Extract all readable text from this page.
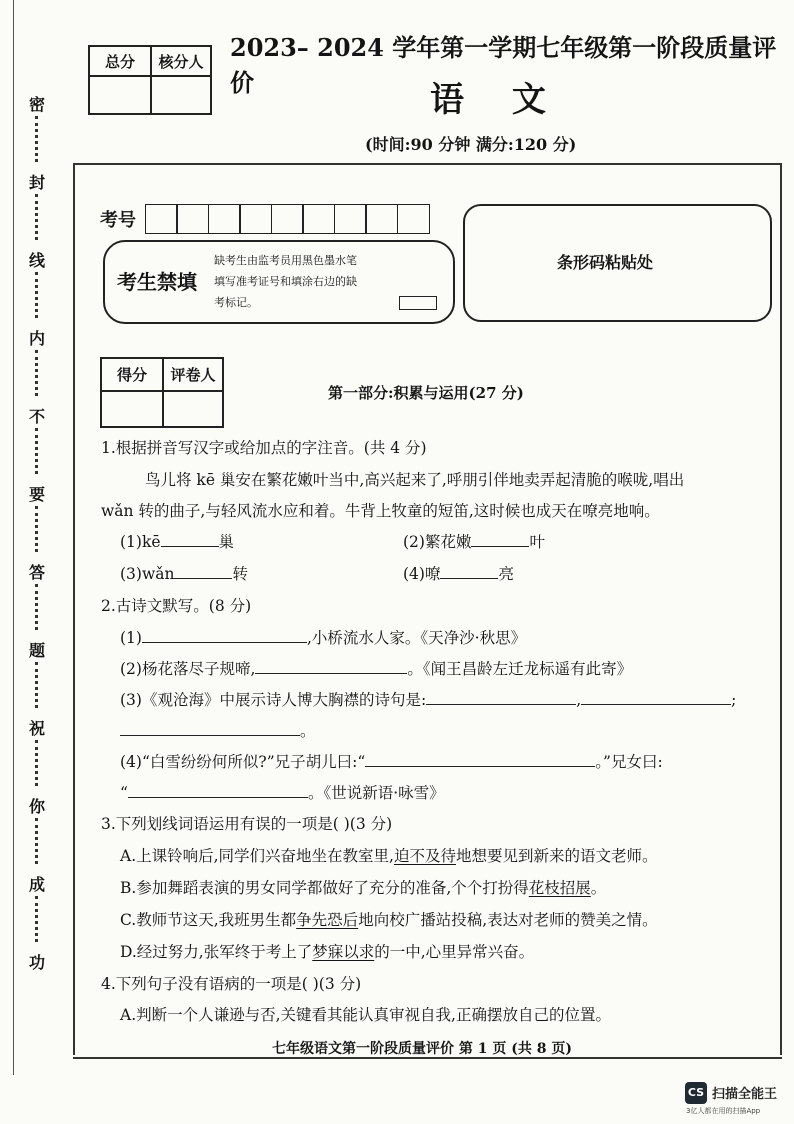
密
封
线
内
不
要
答
题
祝
你
成
功
总分	核分人
	2023– 2024 学年第一学期七年级第一阶段质量评价	语 文
(时间:90 分钟 满分:120 分)
考号
考生禁填
缺考生由监考员用黑色墨水笔
填写准考证号和填涂右边的缺
考标记。
条形码粘贴处
得分	评卷人

第一部分:积累与运用(27 分)
1.根据拼音写汉字或给加点的字注音。(共 4 分)
鸟儿将 kē 巢安在繁花嫩叶当中,高兴起来了,呼朋引伴地卖弄起清脆的喉咙,唱出
wǎn 转的曲子,与轻风流水应和着。牛背上牧童的短笛,这时候也成天在嘹亮地响。
(1)kē	巢	(2)繁花嫩	叶
(3)wǎn	转	(4)嘹	亮
2.古诗文默写。(8 分)
(1)	,小桥流水人家。《天净沙·秋思》
(2)杨花落尽子规啼,	。《闻王昌龄左迁龙标遥有此寄》
(3)《观沧海》中展示诗人博大胸襟的诗句是:	,	;
。
(4)“白雪纷纷何所似?”兄子胡儿曰:“	。”兄女曰:
“	。《世说新语·咏雪》
3.下列划线词语运用有误的一项是( )(3 分)
A.上课铃响后,同学们兴奋地坐在教室里,迫不及待地想要见到新来的语文老师。
B.参加舞蹈表演的男女同学都做好了充分的准备,个个打扮得花枝招展。
C.教师节这天,我班男生都争先恐后地向校广播站投稿,表达对老师的赞美之情。
D.经过努力,张军终于考上了梦寐以求的一中,心里异常兴奋。
4.下列句子没有语病的一项是( )(3 分)
A.判断一个人谦逊与否,关键看其能认真审视自我,正确摆放自己的位置。
七年级语文第一阶段质量评价 第 1 页 (共 8 页)
CS 扫描全能王
3亿人都在用的扫描App
